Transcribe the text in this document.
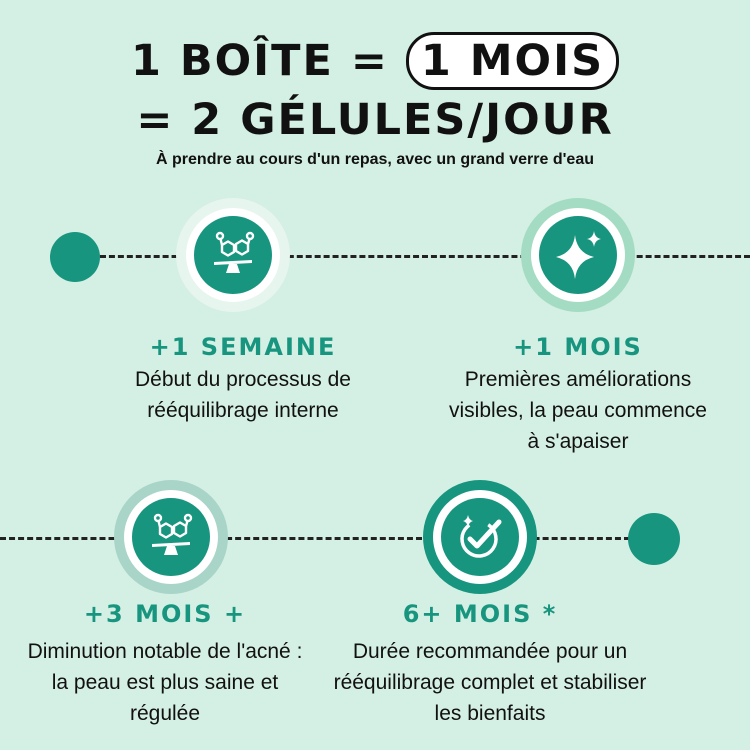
1 BOÎTE = 1 MOIS
= 2 GÉLULES/JOUR
À prendre au cours d'un repas, avec un grand verre d'eau
+1 SEMAINE
Début du processus de rééquilibrage interne
+1 MOIS
Premières améliorations visibles, la peau commence à s'apaiser
+3 MOIS +
Diminution notable de l'acné : la peau est plus saine et régulée
6+ MOIS *
Durée recommandée pour un rééquilibrage complet et stabiliser les bienfaits
